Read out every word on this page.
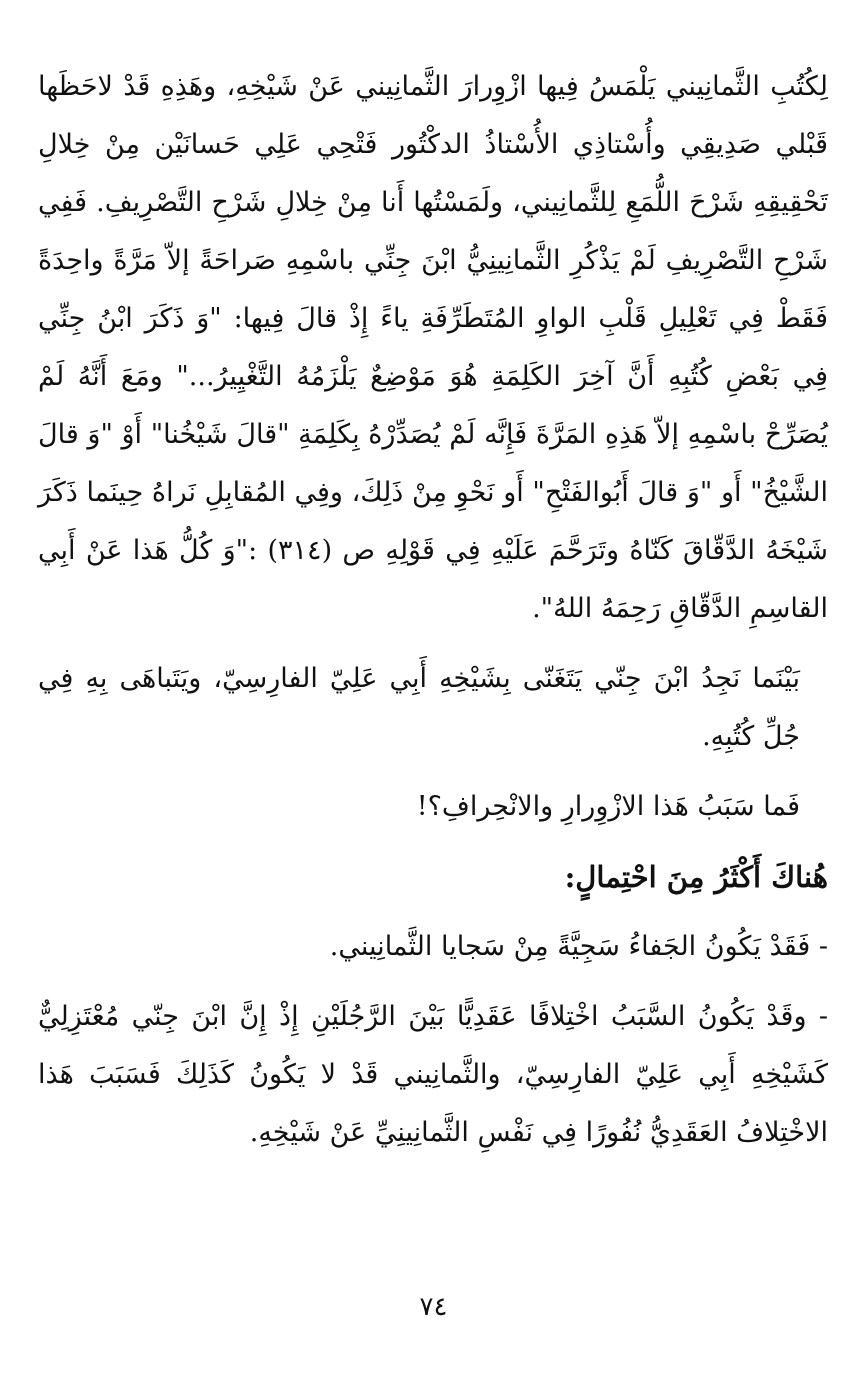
لِكُتُبِ الثَّمانِيني يَلْمَسُ فِيها ازْوِرارَ الثَّمانِيني عَنْ شَيْخِهِ، وهَذِهِ قَدْ لاحَظَها قَبْلي صَدِيقِي وأُسْتاذِي الأُسْتاذُ الدكْتُور فَتْحِي عَلِي حَسانَيْن مِنْ خِلالِ تَحْقِيقِهِ شَرْحَ اللُّمَعِ لِلثَّمانِيني، ولَمَسْتُها أَنا مِنْ خِلالِ شَرْحِ التَّصْرِيفِ. فَفِي شَرْحِ التَّصْرِيفِ لَمْ يَذْكُرِ الثَّمانِينِيُّ ابْنَ جِنِّي باسْمِهِ صَراحَةً إلاّ مَرَّةً واحِدَةً فَقَطْ فِي تَعْلِيلِ قَلْبِ الواوِ المُتَطَرِّفَةِ ياءً إِذْ قالَ فِيها: "وَ ذَكَرَ ابْنُ جِنِّي فِي بَعْضِ كُتُبِهِ أَنَّ آخِرَ الكَلِمَةِ هُوَ مَوْضِعٌ يَلْزَمُهُ التَّغْيِيرُ..." ومَعَ أَنَّهُ لَمْ يُصَرِّحْ باسْمِهِ إلاّ هَذِهِ المَرَّةَ فَإِنَّه لَمْ يُصَدِّرْهُ بِكَلِمَةِ "قالَ شَيْخُنا" أَوْ "وَ قالَ الشَّيْخُ" أَو "وَ قالَ أَبُوالفَتْحِ" أَو نَحْوِ مِنْ ذَلِكَ، وفِي المُقابِلِ نَراهُ حِينَما ذَكَرَ شَيْخَهُ الدَّقّاقَ كَنّاهُ وتَرَحَّمَ عَلَيْهِ فِي قَوْلِهِ ص (٣١٤) :"وَ كُلُّ هَذا عَنْ أَبِي القاسِمِ الدَّقّاقِ رَحِمَهُ اللهُ".

بَيْنَما نَجِدُ ابْنَ جِنّي يَتَغَنّى بِشَيْخِهِ أَبِي عَلِيّ الفارِسِيّ، ويَتَباهَى بِهِ فِي جُلِّ كُتُبِهِ.

فَما سَبَبُ هَذا الازْوِرارِ والانْحِرافِ؟!

هُناكَ أَكْثَرُ مِنَ احْتِمالٍ:

- فَقَدْ يَكُونُ الجَفاءُ سَجِيَّةً مِنْ سَجايا الثَّمانِيني.

- وقَدْ يَكُونُ السَّبَبُ اخْتِلافًا عَقَدِيًّا بَيْنَ الرَّجُلَيْنِ إِذْ إِنَّ ابْنَ جِنّي مُعْتَزِلِيٌّ كَشَيْخِهِ أَبِي عَلِيّ الفارِسِيّ، والثَّمانِيني قَدْ لا يَكُونُ كَذَلِكَ فَسَبَبَ هَذا الاخْتِلافُ العَقَدِيُّ نُفُورًا فِي نَفْسِ الثَّمانِينِيِّ عَنْ شَيْخِهِ.

٧٤
